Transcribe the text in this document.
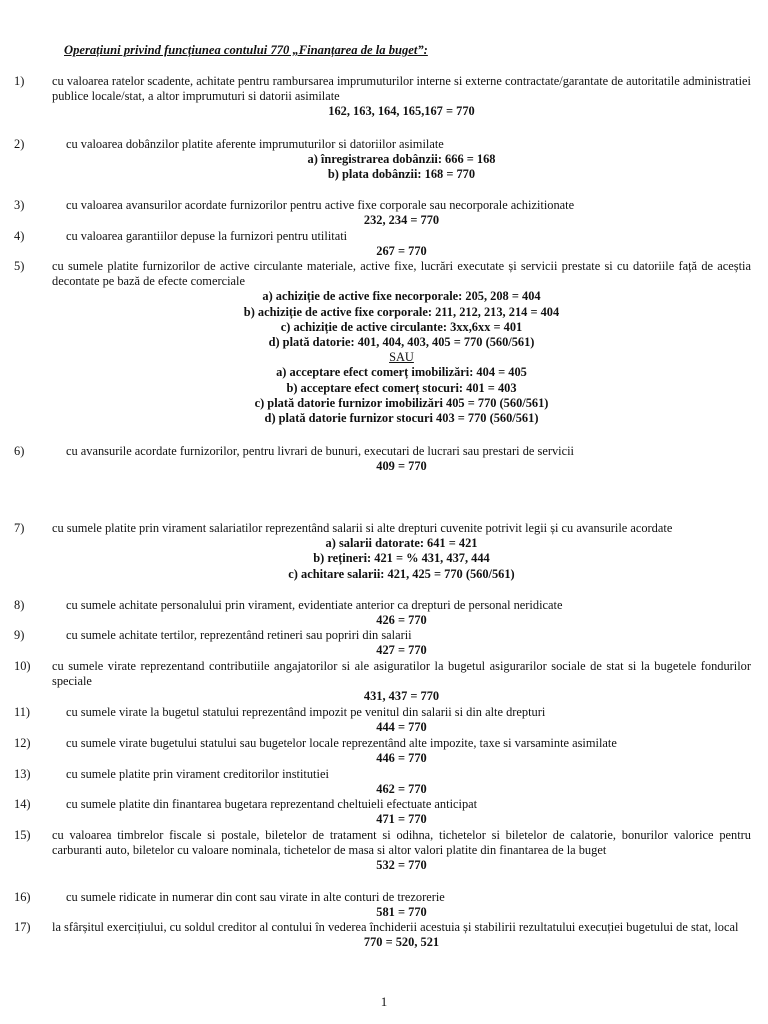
Operațiuni privind funcțiunea contului 770 „Finanțarea de la buget”:
1) cu valoarea ratelor scadente, achitate pentru rambursarea imprumuturilor interne si externe contractate/garantate de autoritatile administratiei publice locale/stat, a altor imprumuturi si datorii asimilate
162, 163, 164, 165,167 = 770
2)	cu valoarea dobânzilor platite aferente imprumuturilor si datoriilor asimilate
a) înregistrarea dobânzii: 666 = 168
b) plata dobânzii: 168 = 770
3)	cu valoarea avansurilor acordate furnizorilor pentru active fixe corporale sau necorporale achizitionate
232, 234 = 770
4)	cu valoarea garantiilor depuse la furnizori pentru utilitati
267 = 770
5) cu sumele platite furnizorilor de active circulante materiale, active fixe, lucrări executate și servicii prestate si cu datoriile față de aceștia decontate pe bază de efecte comerciale
a) achiziție de active fixe necorporale: 205, 208 = 404
b) achiziție de active fixe corporale: 211, 212, 213, 214 = 404
c) achiziție de active circulante: 3xx,6xx = 401
d) plată datorie: 401, 404, 403, 405 = 770 (560/561)
SAU
a) acceptare efect comerț imobilizări: 404 = 405
b) acceptare efect comerț stocuri: 401 = 403
c) plată datorie furnizor imobilizări 405 = 770 (560/561)
d) plată datorie furnizor stocuri 403 = 770 (560/561)
6)	cu avansurile acordate furnizorilor, pentru livrari de bunuri, executari de lucrari sau prestari de servicii
409 = 770
7) cu sumele platite prin virament salariatilor reprezentând salarii si alte drepturi cuvenite potrivit legii și cu avansurile acordate
a) salarii datorate: 641 = 421
b) rețineri: 421 = % 431, 437, 444
c) achitare salarii: 421, 425 = 770 (560/561)
8)	cu sumele achitate personalului prin virament, evidentiate anterior ca drepturi de personal neridicate
426 = 770
9)	cu sumele achitate tertilor, reprezentând retineri sau popriri din salarii
427 = 770
10) cu sumele virate reprezentand contributiile angajatorilor si ale asiguratilor la bugetul asigurarilor sociale de stat si la bugetele fondurilor speciale
431, 437 = 770
11)	cu sumele virate la bugetul statului reprezentând impozit pe venitul din salarii si din alte drepturi
444 = 770
12)	cu sumele virate bugetului statului sau bugetelor locale reprezentând alte impozite, taxe si varsaminte asimilate
446 = 770
13)	cu sumele platite prin virament creditorilor institutiei
462 = 770
14)	cu sumele platite din finantarea bugetara reprezentand cheltuieli efectuate anticipat
471 = 770
15) cu valoarea timbrelor fiscale si postale, biletelor de tratament si odihna, tichetelor si biletelor de calatorie, bonurilor valorice pentru carburanti auto, biletelor cu valoare nominala, tichetelor de masa si altor valori platite din finantarea de la buget
532 = 770
16)	cu sumele ridicate in numerar din cont sau virate in alte conturi de trezorerie
581 = 770
17) la sfârșitul exercițiului, cu soldul creditor al contului în vederea închiderii acestuia și stabilirii rezultatului execuției bugetului de stat, local
770 = 520, 521
1
